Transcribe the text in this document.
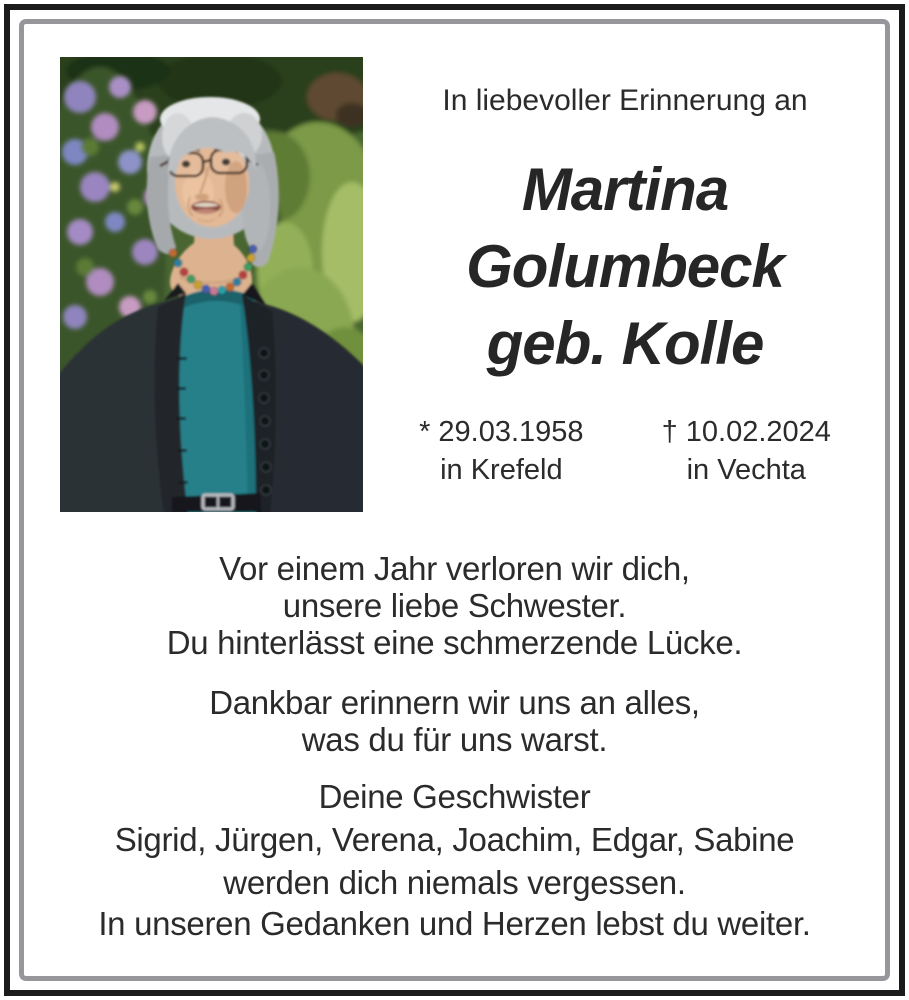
In liebevoller Erinnerung an
Martina
Golumbeck
geb. Kolle
* 29.03.1958
in Krefeld
† 10.02.2024
in Vechta
Vor einem Jahr verloren wir dich,
unsere liebe Schwester.
Du hinterlässt eine schmerzende Lücke.
Dankbar erinnern wir uns an alles,
was du für uns warst.
Deine Geschwister
Sigrid, Jürgen, Verena, Joachim, Edgar, Sabine
werden dich niemals vergessen.
In unseren Gedanken und Herzen lebst du weiter.
